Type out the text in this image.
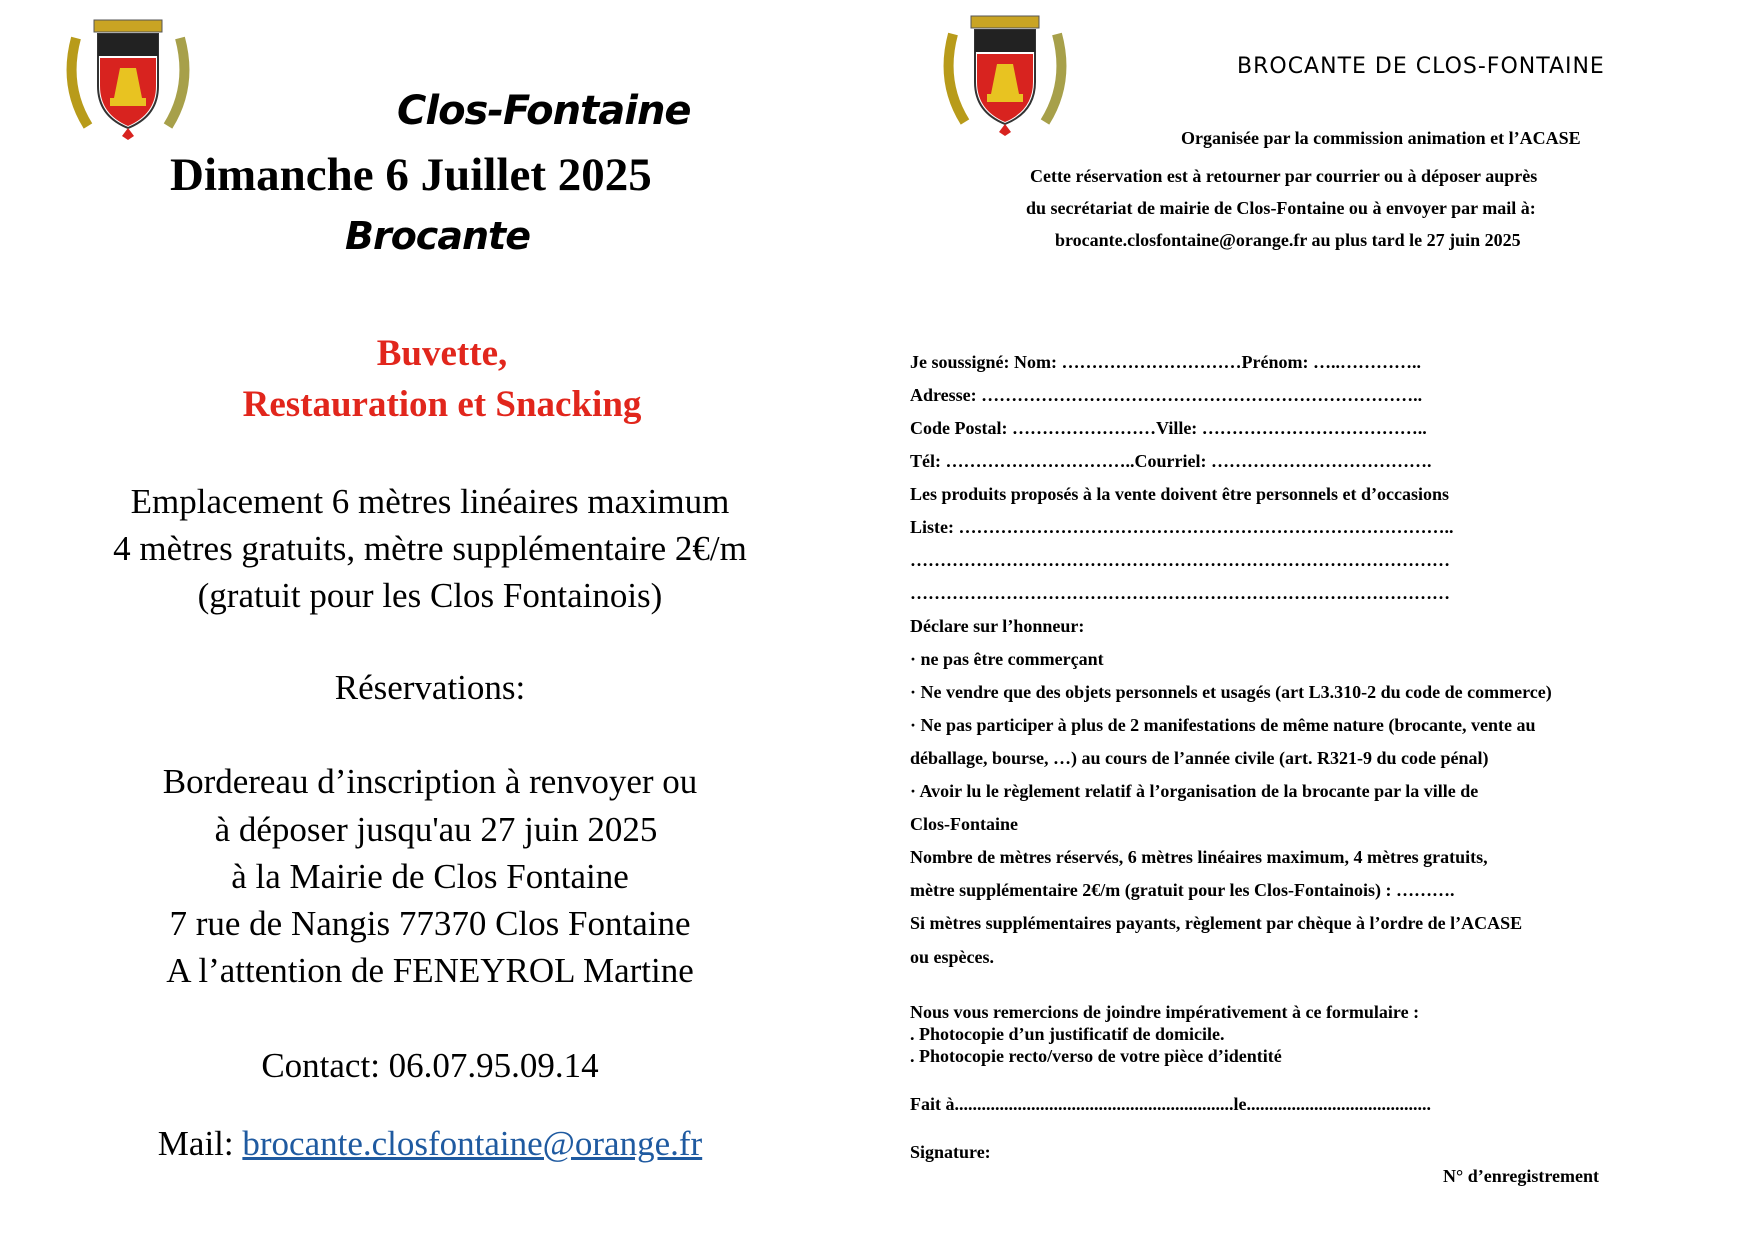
Clos-Fontaine
Dimanche 6 Juillet 2025
Brocante
Buvette,
Restauration et Snacking
Emplacement 6 mètres linéaires maximum
4 mètres gratuits, mètre supplémentaire 2€/m
(gratuit pour les Clos Fontainois)
Réservations:
Bordereau d’inscription à renvoyer ou
à déposer jusqu'au 27 juin 2025
à la Mairie de Clos Fontaine
7 rue de Nangis 77370 Clos Fontaine
A l’attention de FENEYROL Martine
Contact: 06.07.95.09.14
Mail: brocante.closfontaine@orange.fr
BROCANTE DE CLOS-FONTAINE
Organisée par la commission animation et l’ACASE
Cette réservation est à retourner par courrier ou à déposer auprès
du secrétariat de mairie de Clos-Fontaine ou à envoyer par mail à:
brocante.closfontaine@orange.fr au plus tard le 27 juin 2025
Je soussigné: Nom: …………………………Prénom: …..…………..
Adresse: ………………………………………………………………..
Code Postal: ……………………Ville: ………………………………..
Tél: …………………………..Courriel: ……………………………….
Les produits proposés à la vente doivent être personnels et d’occasions
Liste: ………………………………………………………………………..
………………………………………………………………………………
………………………………………………………………………………
Déclare sur l’honneur:
· ne pas être commerçant
· Ne vendre que des objets personnels et usagés (art L3.310-2 du code de commerce)
· Ne pas participer à plus de 2 manifestations de même nature (brocante, vente au
déballage, bourse, …) au cours de l’année civile (art. R321-9 du code pénal)
· Avoir lu le règlement relatif à l’organisation de la brocante par la ville de
Clos-Fontaine
Nombre de mètres réservés, 6 mètres linéaires maximum, 4 mètres gratuits,
mètre supplémentaire 2€/m (gratuit pour les Clos-Fontainois) : ……….
Si mètres supplémentaires payants, règlement par chèque à l’ordre de l’ACASE
ou espèces.
Nous vous remercions de joindre impérativement à ce formulaire :
. Photocopie d’un justificatif de domicile.
. Photocopie recto/verso de votre pièce d’identité
Fait à..............................................................le.........................................
Signature:
N° d’enregistrement
